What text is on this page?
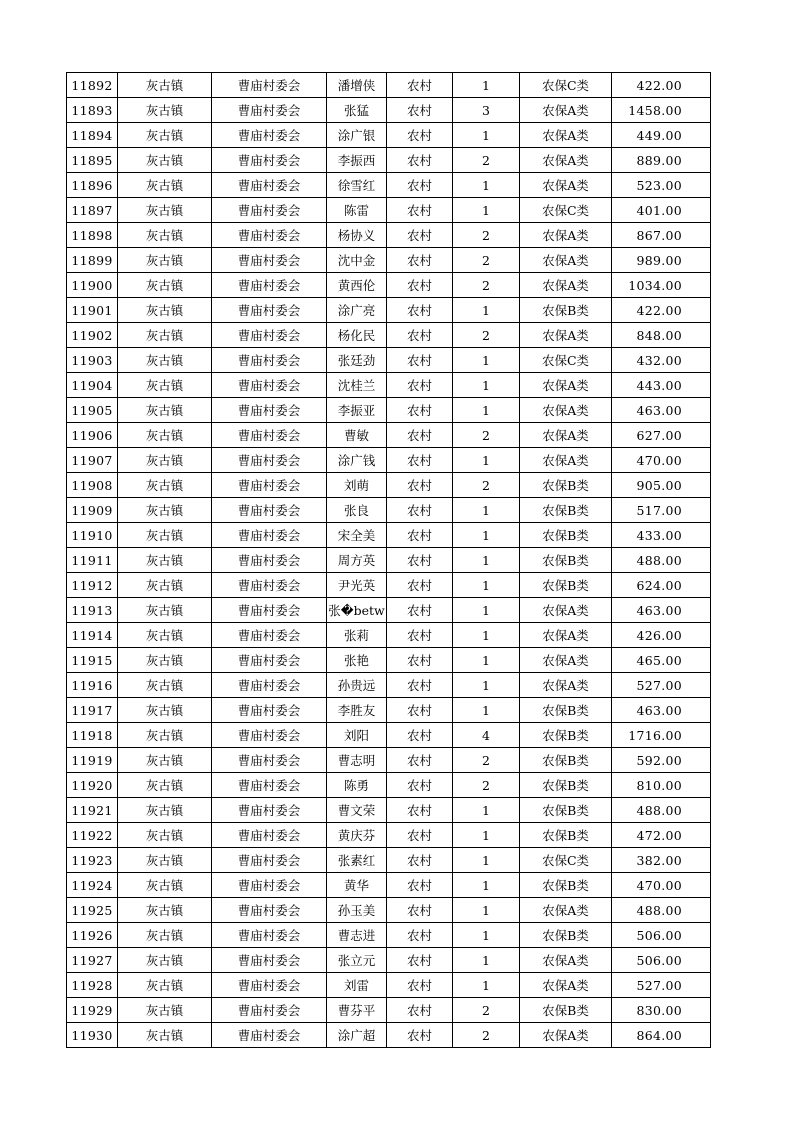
11892	灰古镇	曹庙村委会	潘增侠	农村	1	农保C类	422.00
11893	灰古镇	曹庙村委会	张猛	农村	3	农保A类	1458.00
11894	灰古镇	曹庙村委会	涂广银	农村	1	农保A类	449.00
11895	灰古镇	曹庙村委会	李振西	农村	2	农保A类	889.00
11896	灰古镇	曹庙村委会	徐雪红	农村	1	农保A类	523.00
11897	灰古镇	曹庙村委会	陈雷	农村	1	农保C类	401.00
11898	灰古镇	曹庙村委会	杨协义	农村	2	农保A类	867.00
11899	灰古镇	曹庙村委会	沈中金	农村	2	农保A类	989.00
11900	灰古镇	曹庙村委会	黄西伦	农村	2	农保A类	1034.00
11901	灰古镇	曹庙村委会	涂广亮	农村	1	农保B类	422.00
11902	灰古镇	曹庙村委会	杨化民	农村	2	农保A类	848.00
11903	灰古镇	曹庙村委会	张廷劲	农村	1	农保C类	432.00
11904	灰古镇	曹庙村委会	沈桂兰	农村	1	农保A类	443.00
11905	灰古镇	曹庙村委会	李振亚	农村	1	农保A类	463.00
11906	灰古镇	曹庙村委会	曹敏	农村	2	农保A类	627.00
11907	灰古镇	曹庙村委会	涂广钱	农村	1	农保A类	470.00
11908	灰古镇	曹庙村委会	刘萌	农村	2	农保B类	905.00
11909	灰古镇	曹庙村委会	张良	农村	1	农保B类	517.00
11910	灰古镇	曹庙村委会	宋全美	农村	1	农保B类	433.00
11911	灰古镇	曹庙村委会	周方英	农村	1	农保B类	488.00
11912	灰古镇	曹庙村委会	尹光英	农村	1	农保B类	624.00
11913	灰古镇	曹庙村委会	张�betw	农村	1	农保A类	463.00
11914	灰古镇	曹庙村委会	张莉	农村	1	农保A类	426.00
11915	灰古镇	曹庙村委会	张艳	农村	1	农保A类	465.00
11916	灰古镇	曹庙村委会	孙贵远	农村	1	农保A类	527.00
11917	灰古镇	曹庙村委会	李胜友	农村	1	农保B类	463.00
11918	灰古镇	曹庙村委会	刘阳	农村	4	农保B类	1716.00
11919	灰古镇	曹庙村委会	曹志明	农村	2	农保B类	592.00
11920	灰古镇	曹庙村委会	陈勇	农村	2	农保B类	810.00
11921	灰古镇	曹庙村委会	曹文荣	农村	1	农保B类	488.00
11922	灰古镇	曹庙村委会	黄庆芬	农村	1	农保B类	472.00
11923	灰古镇	曹庙村委会	张素红	农村	1	农保C类	382.00
11924	灰古镇	曹庙村委会	黄华	农村	1	农保B类	470.00
11925	灰古镇	曹庙村委会	孙玉美	农村	1	农保A类	488.00
11926	灰古镇	曹庙村委会	曹志进	农村	1	农保B类	506.00
11927	灰古镇	曹庙村委会	张立元	农村	1	农保A类	506.00
11928	灰古镇	曹庙村委会	刘雷	农村	1	农保A类	527.00
11929	灰古镇	曹庙村委会	曹芬平	农村	2	农保B类	830.00
11930	灰古镇	曹庙村委会	涂广超	农村	2	农保A类	864.00
